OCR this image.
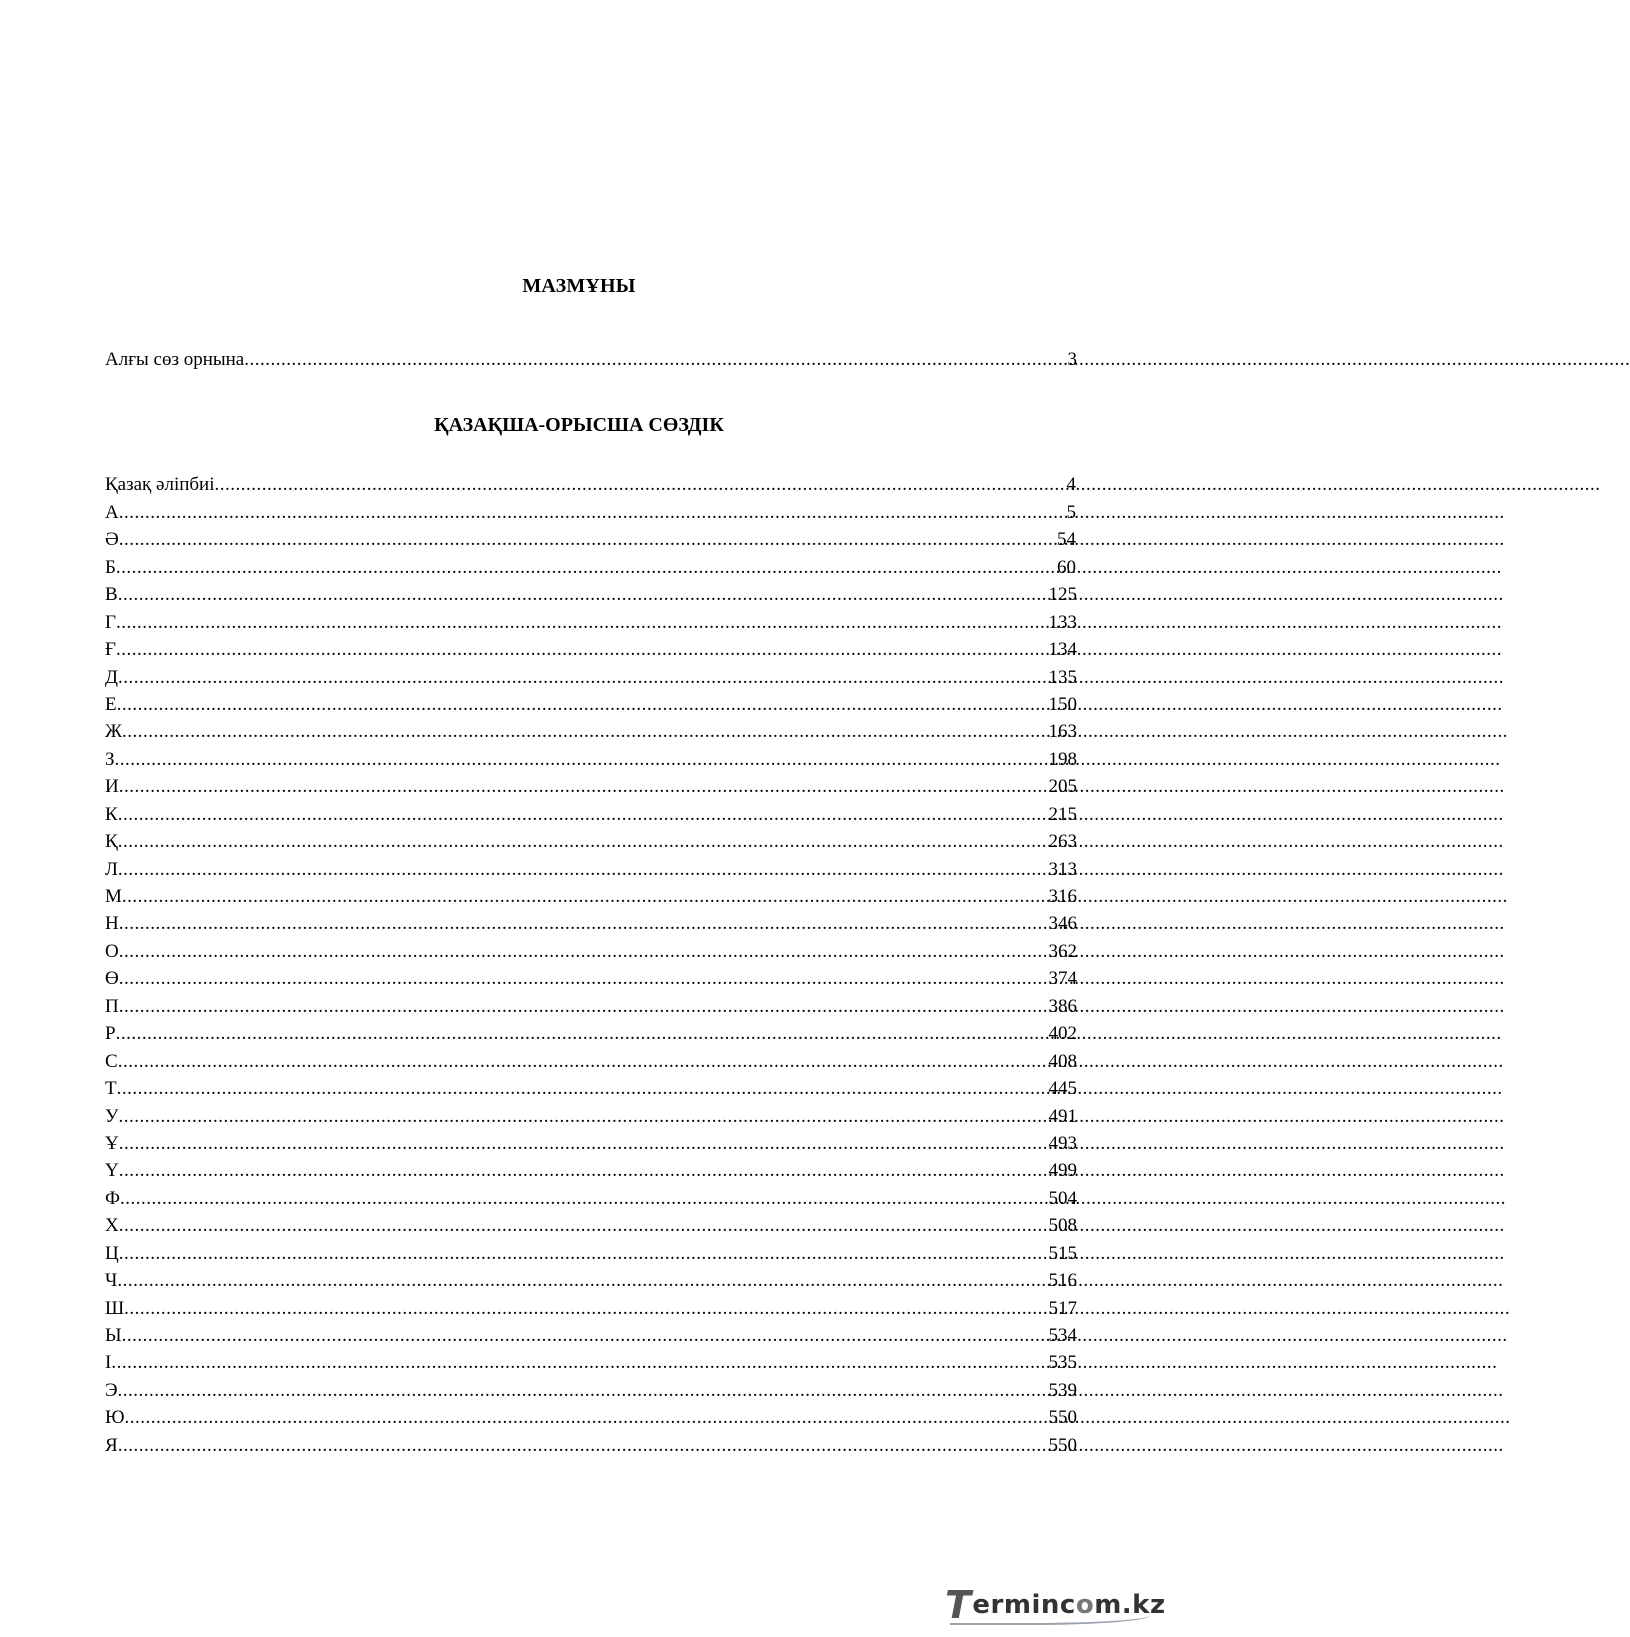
МАЗМҰНЫ
Алғы сөз орнына .....	3
ҚАЗАҚША-ОРЫСША СӨЗДІК
Қазақ әліпбиі .....	4
А .....	5
Ә .....	54
Б .....	60
В .....	125
Г .....	133
Ғ .....	134
Д .....	135
Е .....	150
Ж .....	163
З .....	198
И .....	205
К .....	215
Қ .....	263
Л .....	313
М .....	316
Н .....	346
О .....	362
Ө .....	374
П .....	386
Р .....	402
С .....	408
Т .....	445
У .....	491
Ұ .....	493
Ү .....	499
Ф .....	504
Х .....	508
Ц .....	515
Ч .....	516
Ш .....	517
Ы .....	534
І .....	535
Э .....	539
Ю .....	550
Я .....	550
T erminc o m.kz
